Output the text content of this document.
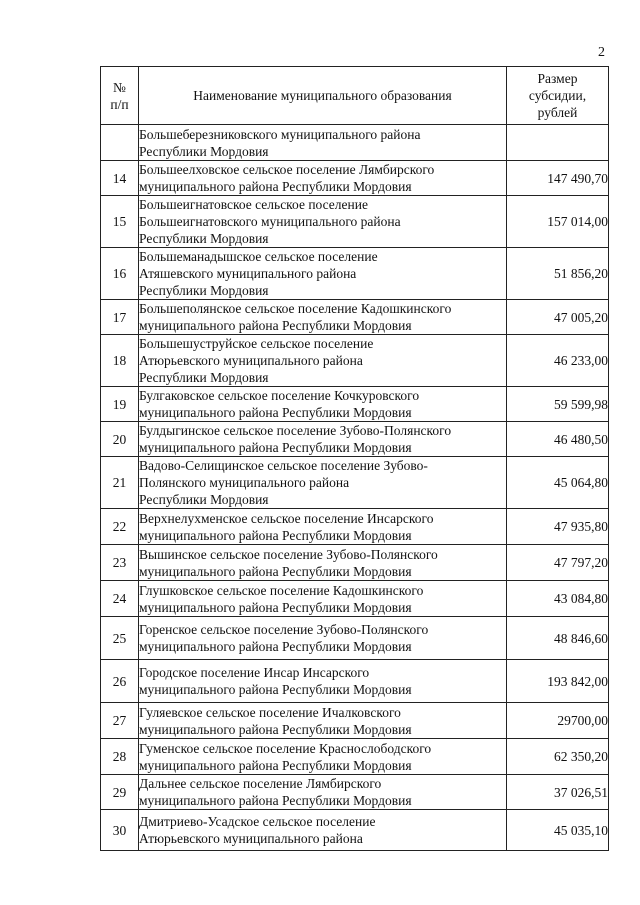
2
№
п/п	Наименование муниципального образования	Размер
субсидии,
рублей
	Большеберезниковского муниципального района
Республики Мордовия	
14	Большеелховское сельское поселение Лямбирского
муниципального района Республики Мордовия	147 490,70
15	Большеигнатовское сельское поселение
Большеигнатовского муниципального района
Республики Мордовия	157 014,00
16	Большеманадышское сельское поселение
Атяшевского муниципального района
Республики Мордовия	51 856,20
17	Большеполянское сельское поселение Кадошкинского
муниципального района Республики Мордовия	47 005,20
18	Большешуструйское сельское поселение
Атюрьевского муниципального района
Республики Мордовия	46 233,00
19	Булгаковское сельское поселение Кочкуровского
муниципального района Республики Мордовия	59 599,98
20	Булдыгинское сельское поселение Зубово-Полянского
муниципального района Республики Мордовия	46 480,50
21	Вадово-Селищинское сельское поселение Зубово-
Полянского муниципального района
Республики Мордовия	45 064,80
22	Верхнелухменское сельское поселение Инсарского
муниципального района Республики Мордовия	47 935,80
23	Вышинское сельское поселение Зубово-Полянского
муниципального района Республики Мордовия	47 797,20
24	Глушковское сельское поселение Кадошкинского
муниципального района Республики Мордовия	43 084,80
25	Горенское сельское поселение Зубово-Полянского
муниципального района Республики Мордовия	48 846,60
26	Городское поселение Инсар Инсарского
муниципального района Республики Мордовия	193 842,00
27	Гуляевское сельское поселение Ичалковского
муниципального района Республики Мордовия	29700,00
28	Гуменское сельское поселение Краснослободского
муниципального района Республики Мордовия	62 350,20
29	Дальнее сельское поселение Лямбирского
муниципального района Республики Мордовия	37 026,51
30	Дмитриево-Усадское сельское поселение
Атюрьевского муниципального района	45 035,10
